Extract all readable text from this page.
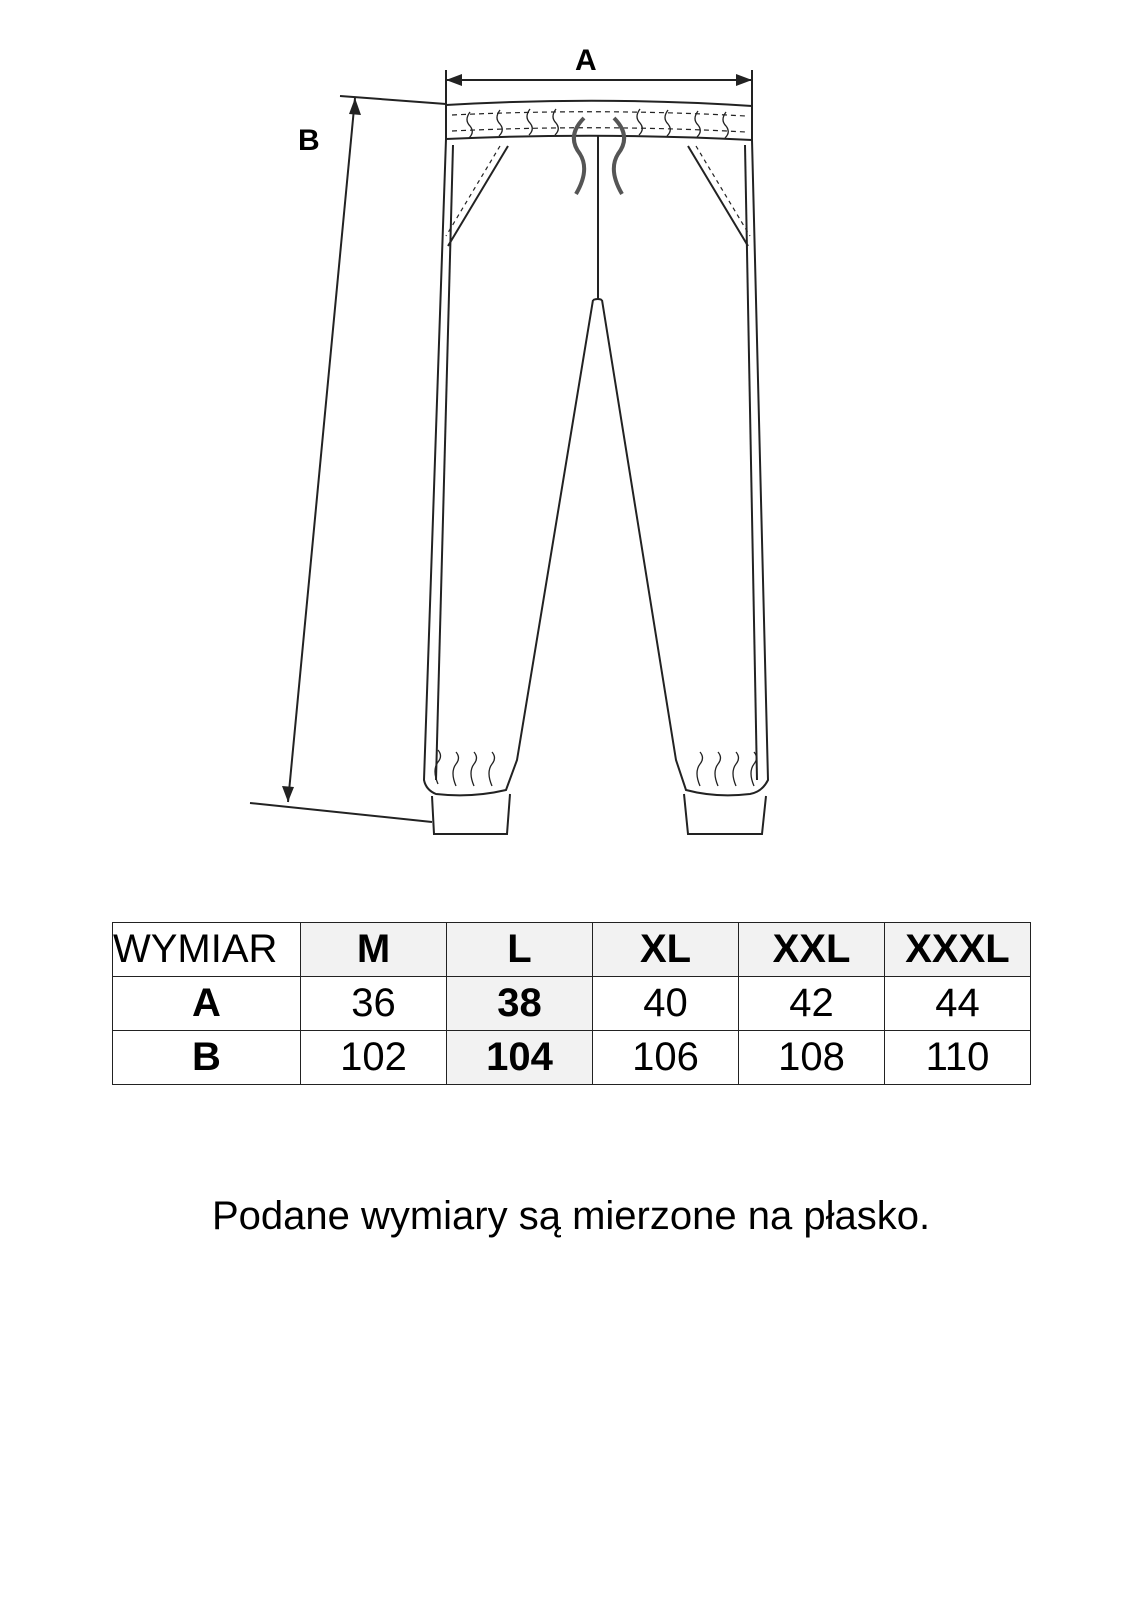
A
B
WYMIAR	M	L	XL	XXL	XXXL
A	36	38	40	42	44
B	102	104	106	108	110
Podane wymiary są mierzone na płasko.
